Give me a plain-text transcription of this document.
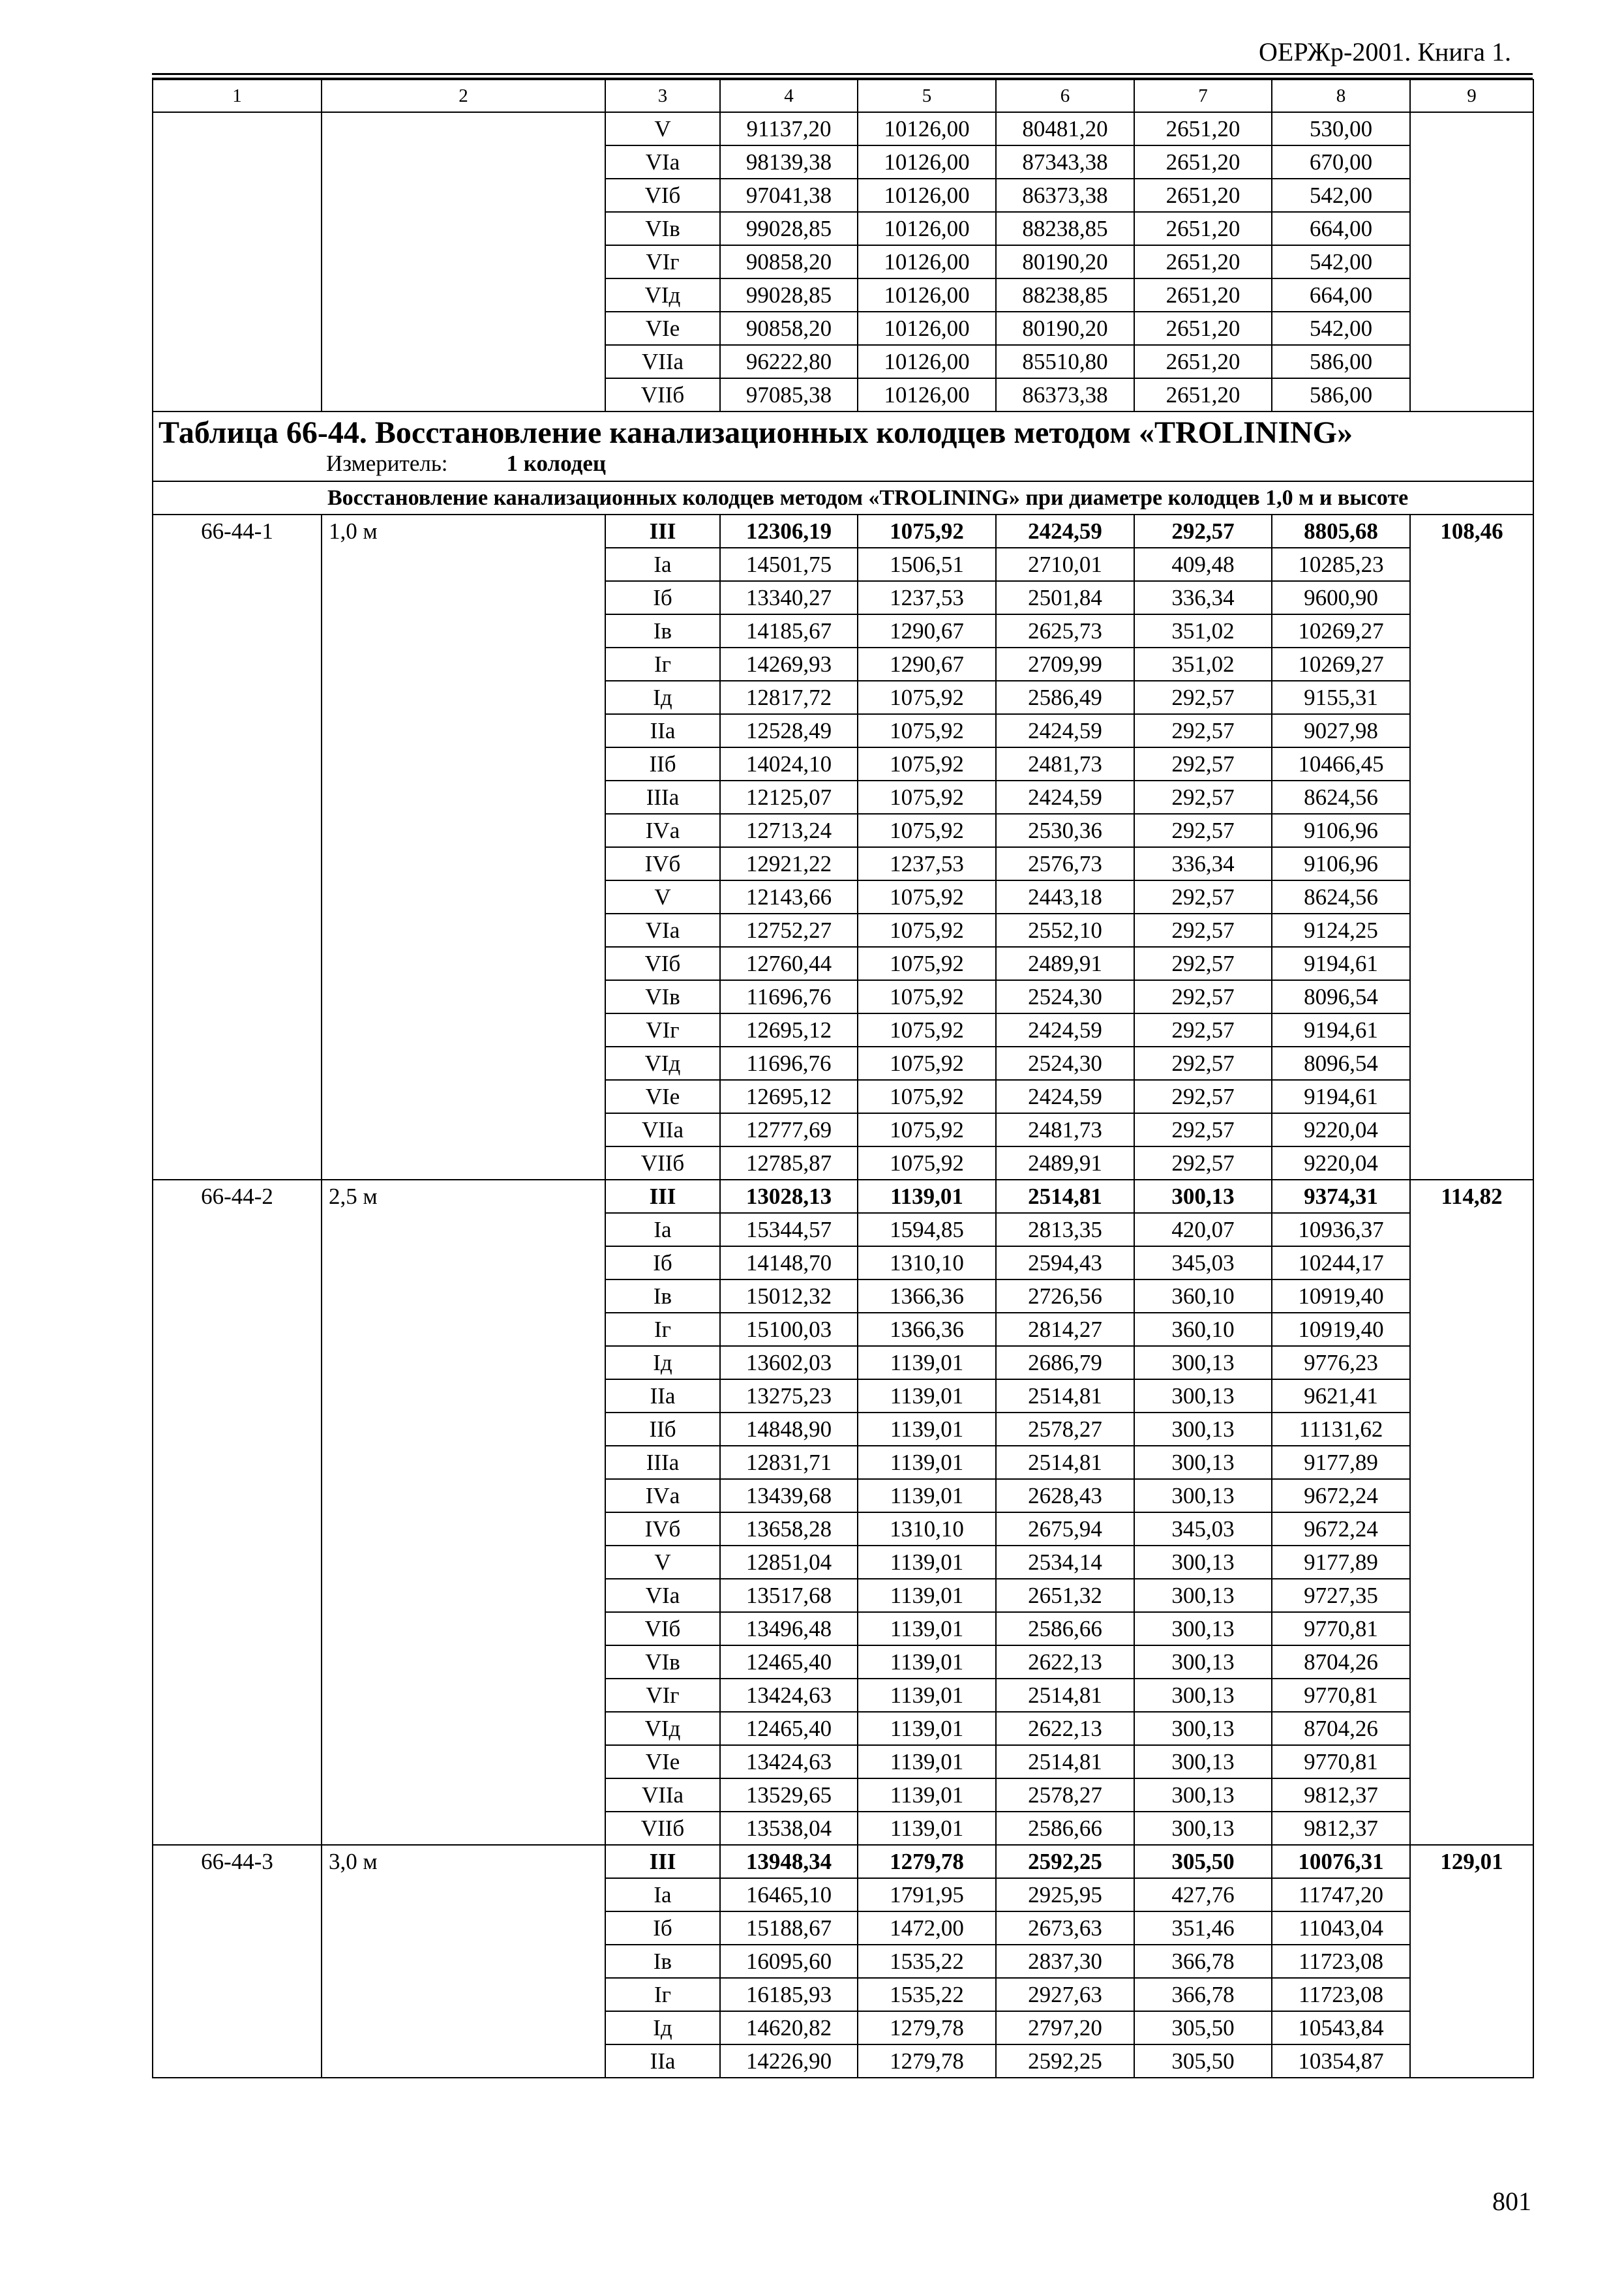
ОЕРЖр-2001. Книга 1.
1	2	3	4	5	6	7	8	9
		V	91137,20	10126,00	80481,20	2651,20	530,00	
		VIа	98139,38	10126,00	87343,38	2651,20	670,00	
		VIб	97041,38	10126,00	86373,38	2651,20	542,00	
		VIв	99028,85	10126,00	88238,85	2651,20	664,00	
		VIг	90858,20	10126,00	80190,20	2651,20	542,00	
		VIд	99028,85	10126,00	88238,85	2651,20	664,00	
		VIе	90858,20	10126,00	80190,20	2651,20	542,00	
		VIIа	96222,80	10126,00	85510,80	2651,20	586,00	
		VIIб	97085,38	10126,00	86373,38	2651,20	586,00	

Таблица 66-44. Восстановление канализационных колодцев методом «TROLINING»
Измеритель: 1 колодец								

Восстановление канализационных колодцев методом «TROLINING» при диаметре колодцев 1,0 м и высоте								
66-44-1	1,0 м	III	12306,19	1075,92	2424,59	292,57	8805,68	108,46
		Iа	14501,75	1506,51	2710,01	409,48	10285,23	
		Iб	13340,27	1237,53	2501,84	336,34	9600,90	
		Iв	14185,67	1290,67	2625,73	351,02	10269,27	
		Iг	14269,93	1290,67	2709,99	351,02	10269,27	
		Iд	12817,72	1075,92	2586,49	292,57	9155,31	
		IIа	12528,49	1075,92	2424,59	292,57	9027,98	
		IIб	14024,10	1075,92	2481,73	292,57	10466,45	
		IIIа	12125,07	1075,92	2424,59	292,57	8624,56	
		IVа	12713,24	1075,92	2530,36	292,57	9106,96	
		IVб	12921,22	1237,53	2576,73	336,34	9106,96	
		V	12143,66	1075,92	2443,18	292,57	8624,56	
		VIа	12752,27	1075,92	2552,10	292,57	9124,25	
		VIб	12760,44	1075,92	2489,91	292,57	9194,61	
		VIв	11696,76	1075,92	2524,30	292,57	8096,54	
		VIг	12695,12	1075,92	2424,59	292,57	9194,61	
		VIд	11696,76	1075,92	2524,30	292,57	8096,54	
		VIе	12695,12	1075,92	2424,59	292,57	9194,61	
		VIIа	12777,69	1075,92	2481,73	292,57	9220,04	
		VIIб	12785,87	1075,92	2489,91	292,57	9220,04	
66-44-2	2,5 м	III	13028,13	1139,01	2514,81	300,13	9374,31	114,82
		Iа	15344,57	1594,85	2813,35	420,07	10936,37	
		Iб	14148,70	1310,10	2594,43	345,03	10244,17	
		Iв	15012,32	1366,36	2726,56	360,10	10919,40	
		Iг	15100,03	1366,36	2814,27	360,10	10919,40	
		Iд	13602,03	1139,01	2686,79	300,13	9776,23	
		IIа	13275,23	1139,01	2514,81	300,13	9621,41	
		IIб	14848,90	1139,01	2578,27	300,13	11131,62	
		IIIа	12831,71	1139,01	2514,81	300,13	9177,89	
		IVа	13439,68	1139,01	2628,43	300,13	9672,24	
		IVб	13658,28	1310,10	2675,94	345,03	9672,24	
		V	12851,04	1139,01	2534,14	300,13	9177,89	
		VIа	13517,68	1139,01	2651,32	300,13	9727,35	
		VIб	13496,48	1139,01	2586,66	300,13	9770,81	
		VIв	12465,40	1139,01	2622,13	300,13	8704,26	
		VIг	13424,63	1139,01	2514,81	300,13	9770,81	
		VIд	12465,40	1139,01	2622,13	300,13	8704,26	
		VIе	13424,63	1139,01	2514,81	300,13	9770,81	
		VIIа	13529,65	1139,01	2578,27	300,13	9812,37	
		VIIб	13538,04	1139,01	2586,66	300,13	9812,37	
66-44-3	3,0 м	III	13948,34	1279,78	2592,25	305,50	10076,31	129,01
		Iа	16465,10	1791,95	2925,95	427,76	11747,20	
		Iб	15188,67	1472,00	2673,63	351,46	11043,04	
		Iв	16095,60	1535,22	2837,30	366,78	11723,08	
		Iг	16185,93	1535,22	2927,63	366,78	11723,08	
		Iд	14620,82	1279,78	2797,20	305,50	10543,84	
		IIа	14226,90	1279,78	2592,25	305,50	10354,87	
801
